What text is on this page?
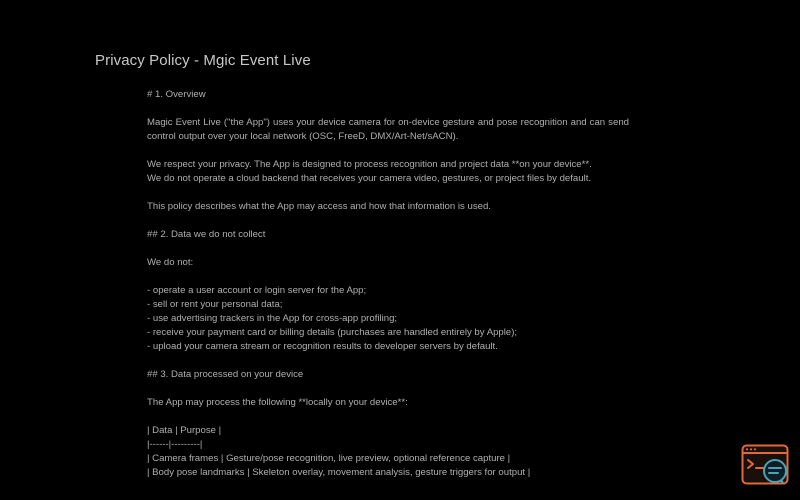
Privacy Policy - Mgic Event Live

# 1. Overview

Magic Event Live ("the App") uses your device camera for on-device gesture and pose recognition and can send control output over your local network (OSC, FreeD, DMX/Art-Net/sACN).

We respect your privacy. The App is designed to process recognition and project data **on your device**.

We do not operate a cloud backend that receives your camera video, gestures, or project files by default.

This policy describes what the App may access and how that information is used.

## 2. Data we do not collect

We do not:

- operate a user account or login server for the App;
- sell or rent your personal data;
- use advertising trackers in the App for cross-app profiling;
- receive your payment card or billing details (purchases are handled entirely by Apple);
- upload your camera stream or recognition results to developer servers by default.

## 3. Data processed on your device

The App may process the following **locally on your device**:

| Data | Purpose |
|------|---------|
| Camera frames | Gesture/pose recognition, live preview, optional reference capture |
| Body pose landmarks | Skeleton overlay, movement analysis, gesture triggers for output |
